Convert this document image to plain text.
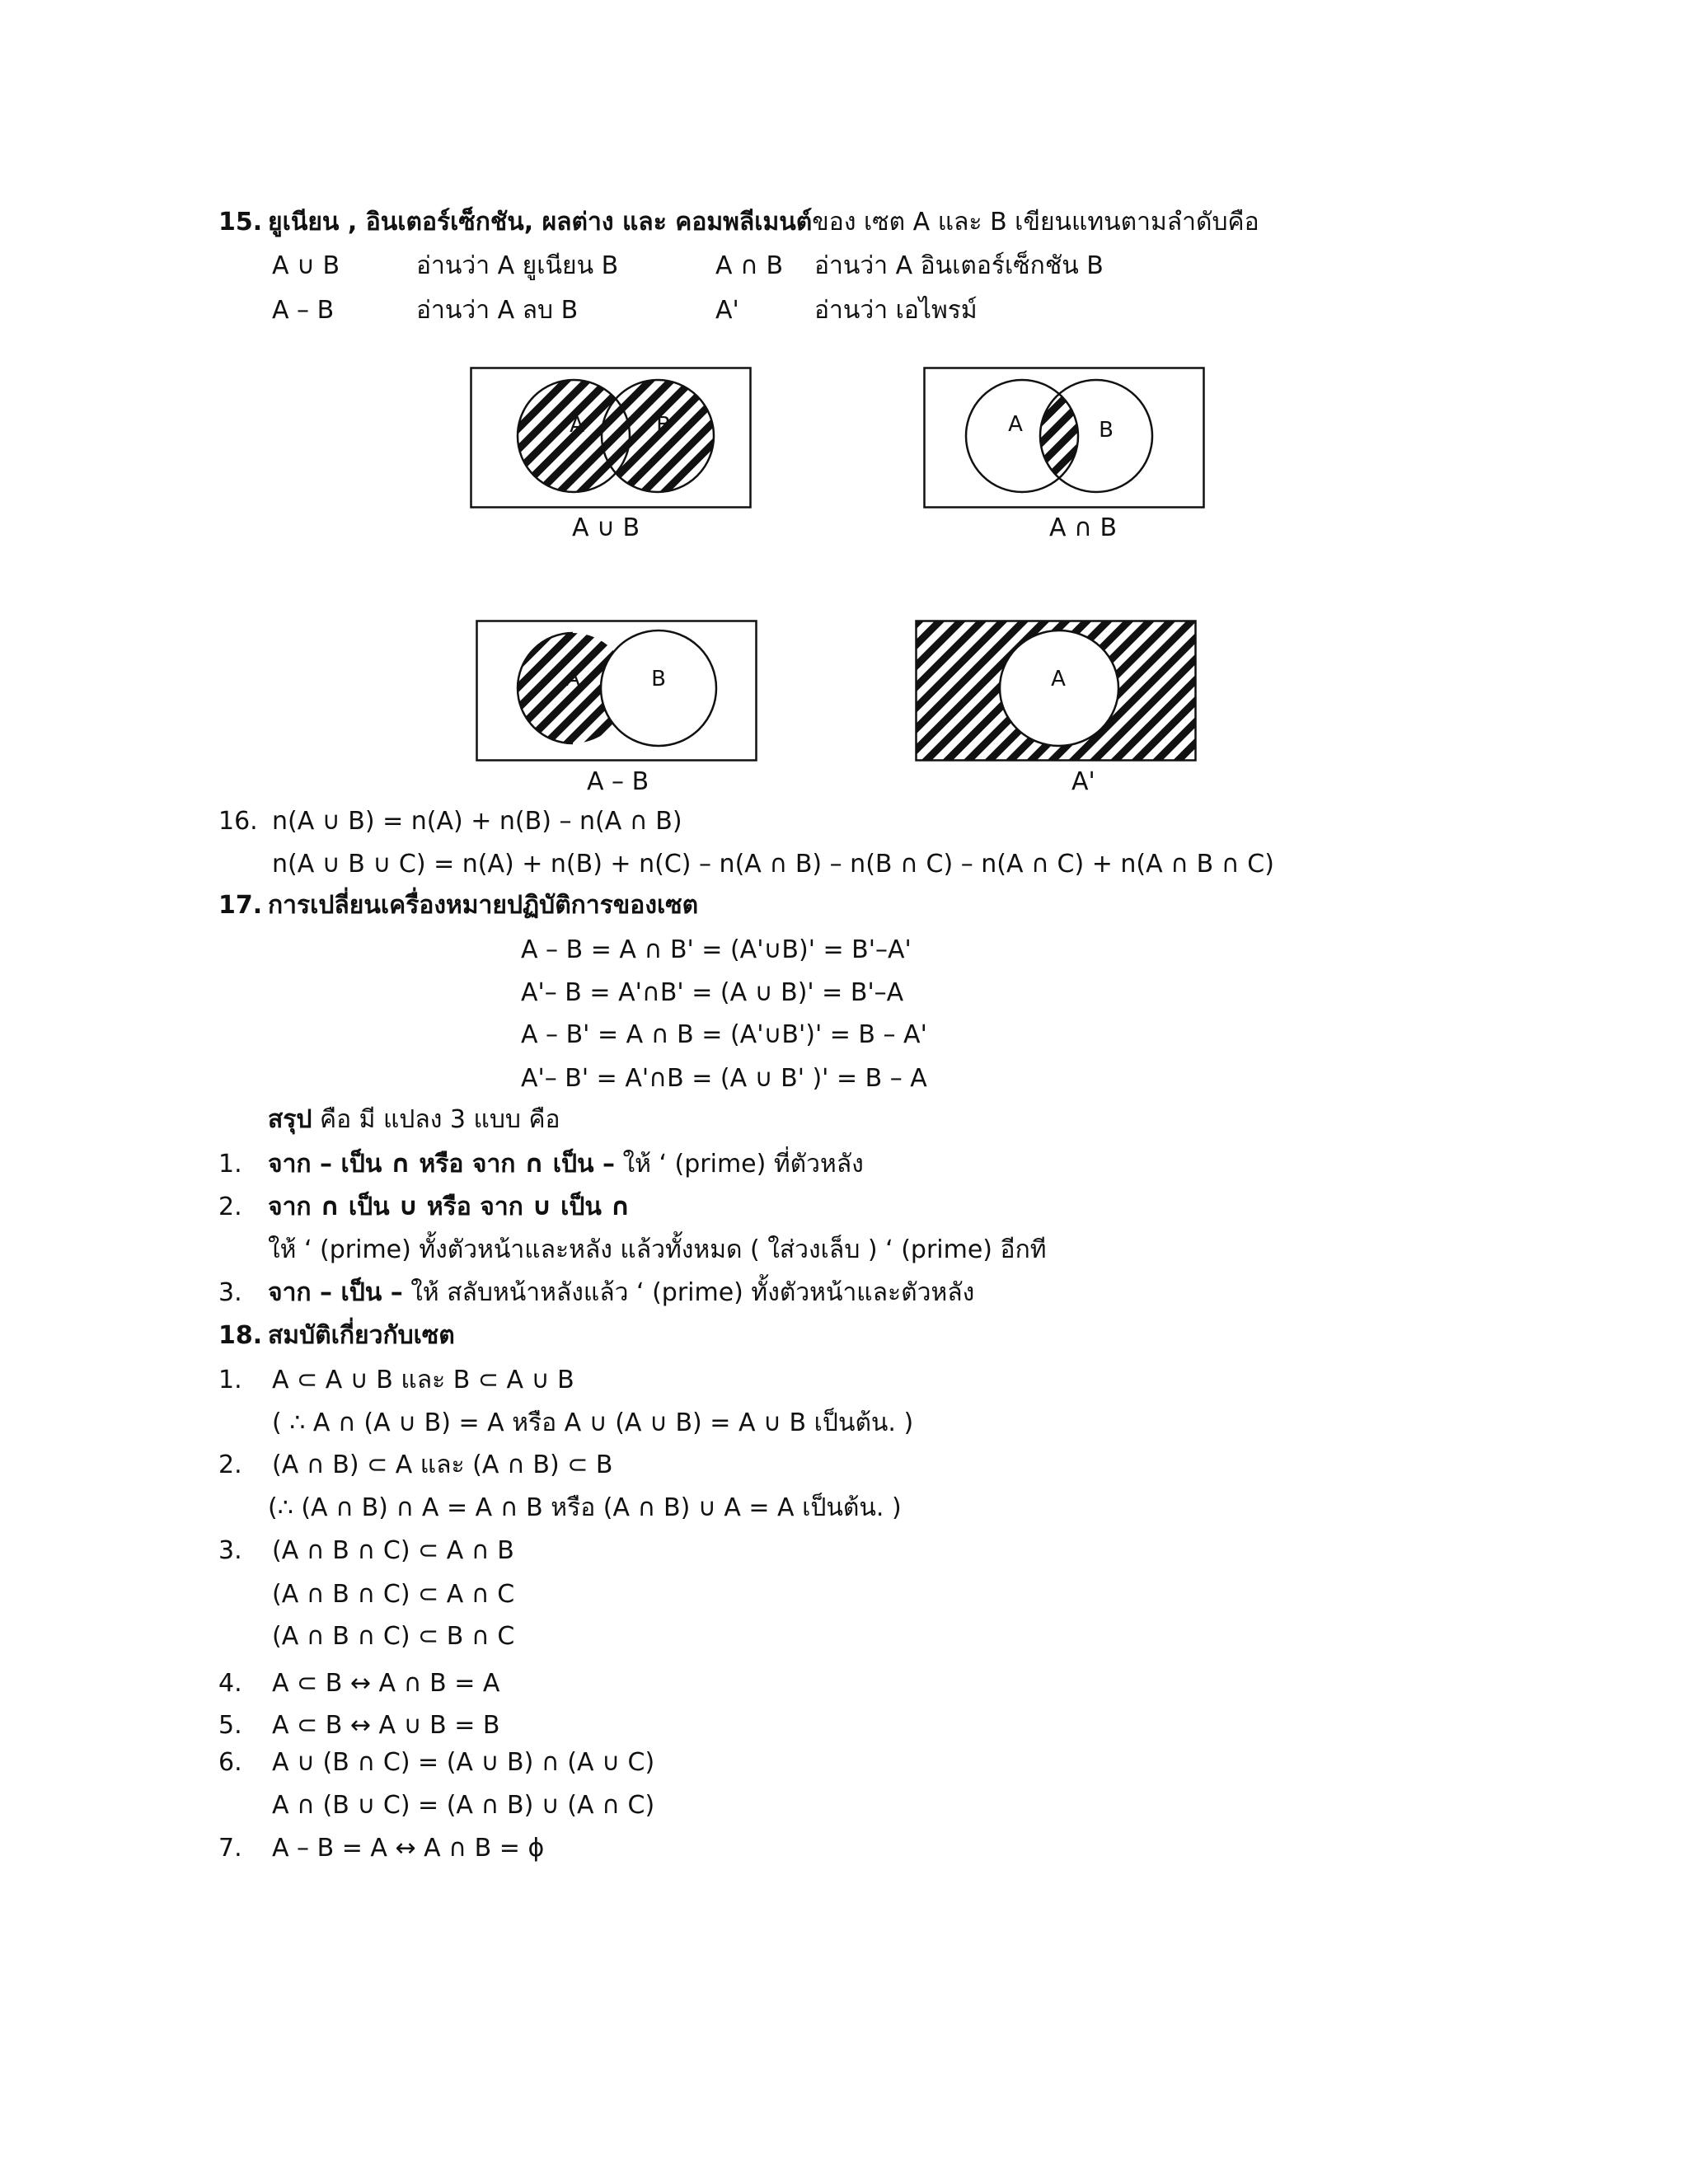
15. ยูเนียน , อินเตอร์เซ็กชัน, ผลต่าง และ คอมพลีเมนต์ของ เซต A และ B เขียนแทนตามลำดับคือ
A ∪ B	อ่านว่า A ยูเนียน B	A ∩ B อ่านว่า A อินเตอร์เซ็กชัน B
A – B	อ่านว่า A ลบ B	A'	อ่านว่า เอไพรม์
A	B
A ∪ B
A	B
A ∩ B
A	B
A – B
A
A'
16. n(A ∪ B) = n(A) + n(B) – n(A ∩ B)
n(A ∪ B ∪ C) = n(A) + n(B) + n(C) – n(A ∩ B) – n(B ∩ C) – n(A ∩ C) + n(A ∩ B ∩ C)
17. การเปลี่ยนเครื่องหมายปฏิบัติการของเซต
A – B = A ∩ B' = (A'∪B)' = B'–A'
A'– B = A'∩B' = (A ∪ B)' = B'–A
A – B' = A ∩ B = (A'∪B')' = B – A'
A'– B' = A'∩B = (A ∪ B' )' = B – A
สรุป คือ มี แปลง 3 แบบ คือ
1. จาก – เป็น ∩ หรือ จาก ∩ เป็น – ให้ ‘ (prime) ที่ตัวหลัง
2. จาก ∩ เป็น ∪ หรือ จาก ∪ เป็น ∩
ให้ ‘ (prime) ทั้งตัวหน้าและหลัง แล้วทั้งหมด ( ใส่วงเล็บ ) ‘ (prime) อีกที
3. จาก – เป็น – ให้ สลับหน้าหลังแล้ว ‘ (prime) ทั้งตัวหน้าและตัวหลัง
18. สมบัติเกี่ยวกับเซต
1. A ⊂ A ∪ B และ B ⊂ A ∪ B
( ∴ A ∩ (A ∪ B) = A หรือ A ∪ (A ∪ B) = A ∪ B เป็นต้น. )
2. (A ∩ B) ⊂ A และ (A ∩ B) ⊂ B
(∴ (A ∩ B) ∩ A = A ∩ B หรือ (A ∩ B) ∪ A = A เป็นต้น. )
3. (A ∩ B ∩ C) ⊂ A ∩ B
(A ∩ B ∩ C) ⊂ A ∩ C
(A ∩ B ∩ C) ⊂ B ∩ C
4. A ⊂ B ↔ A ∩ B = A
5. A ⊂ B ↔ A ∪ B = B
6. A ∪ (B ∩ C) = (A ∪ B) ∩ (A ∪ C)
A ∩ (B ∪ C) = (A ∩ B) ∪ (A ∩ C)
7. A – B = A ↔ A ∩ B = ϕ
